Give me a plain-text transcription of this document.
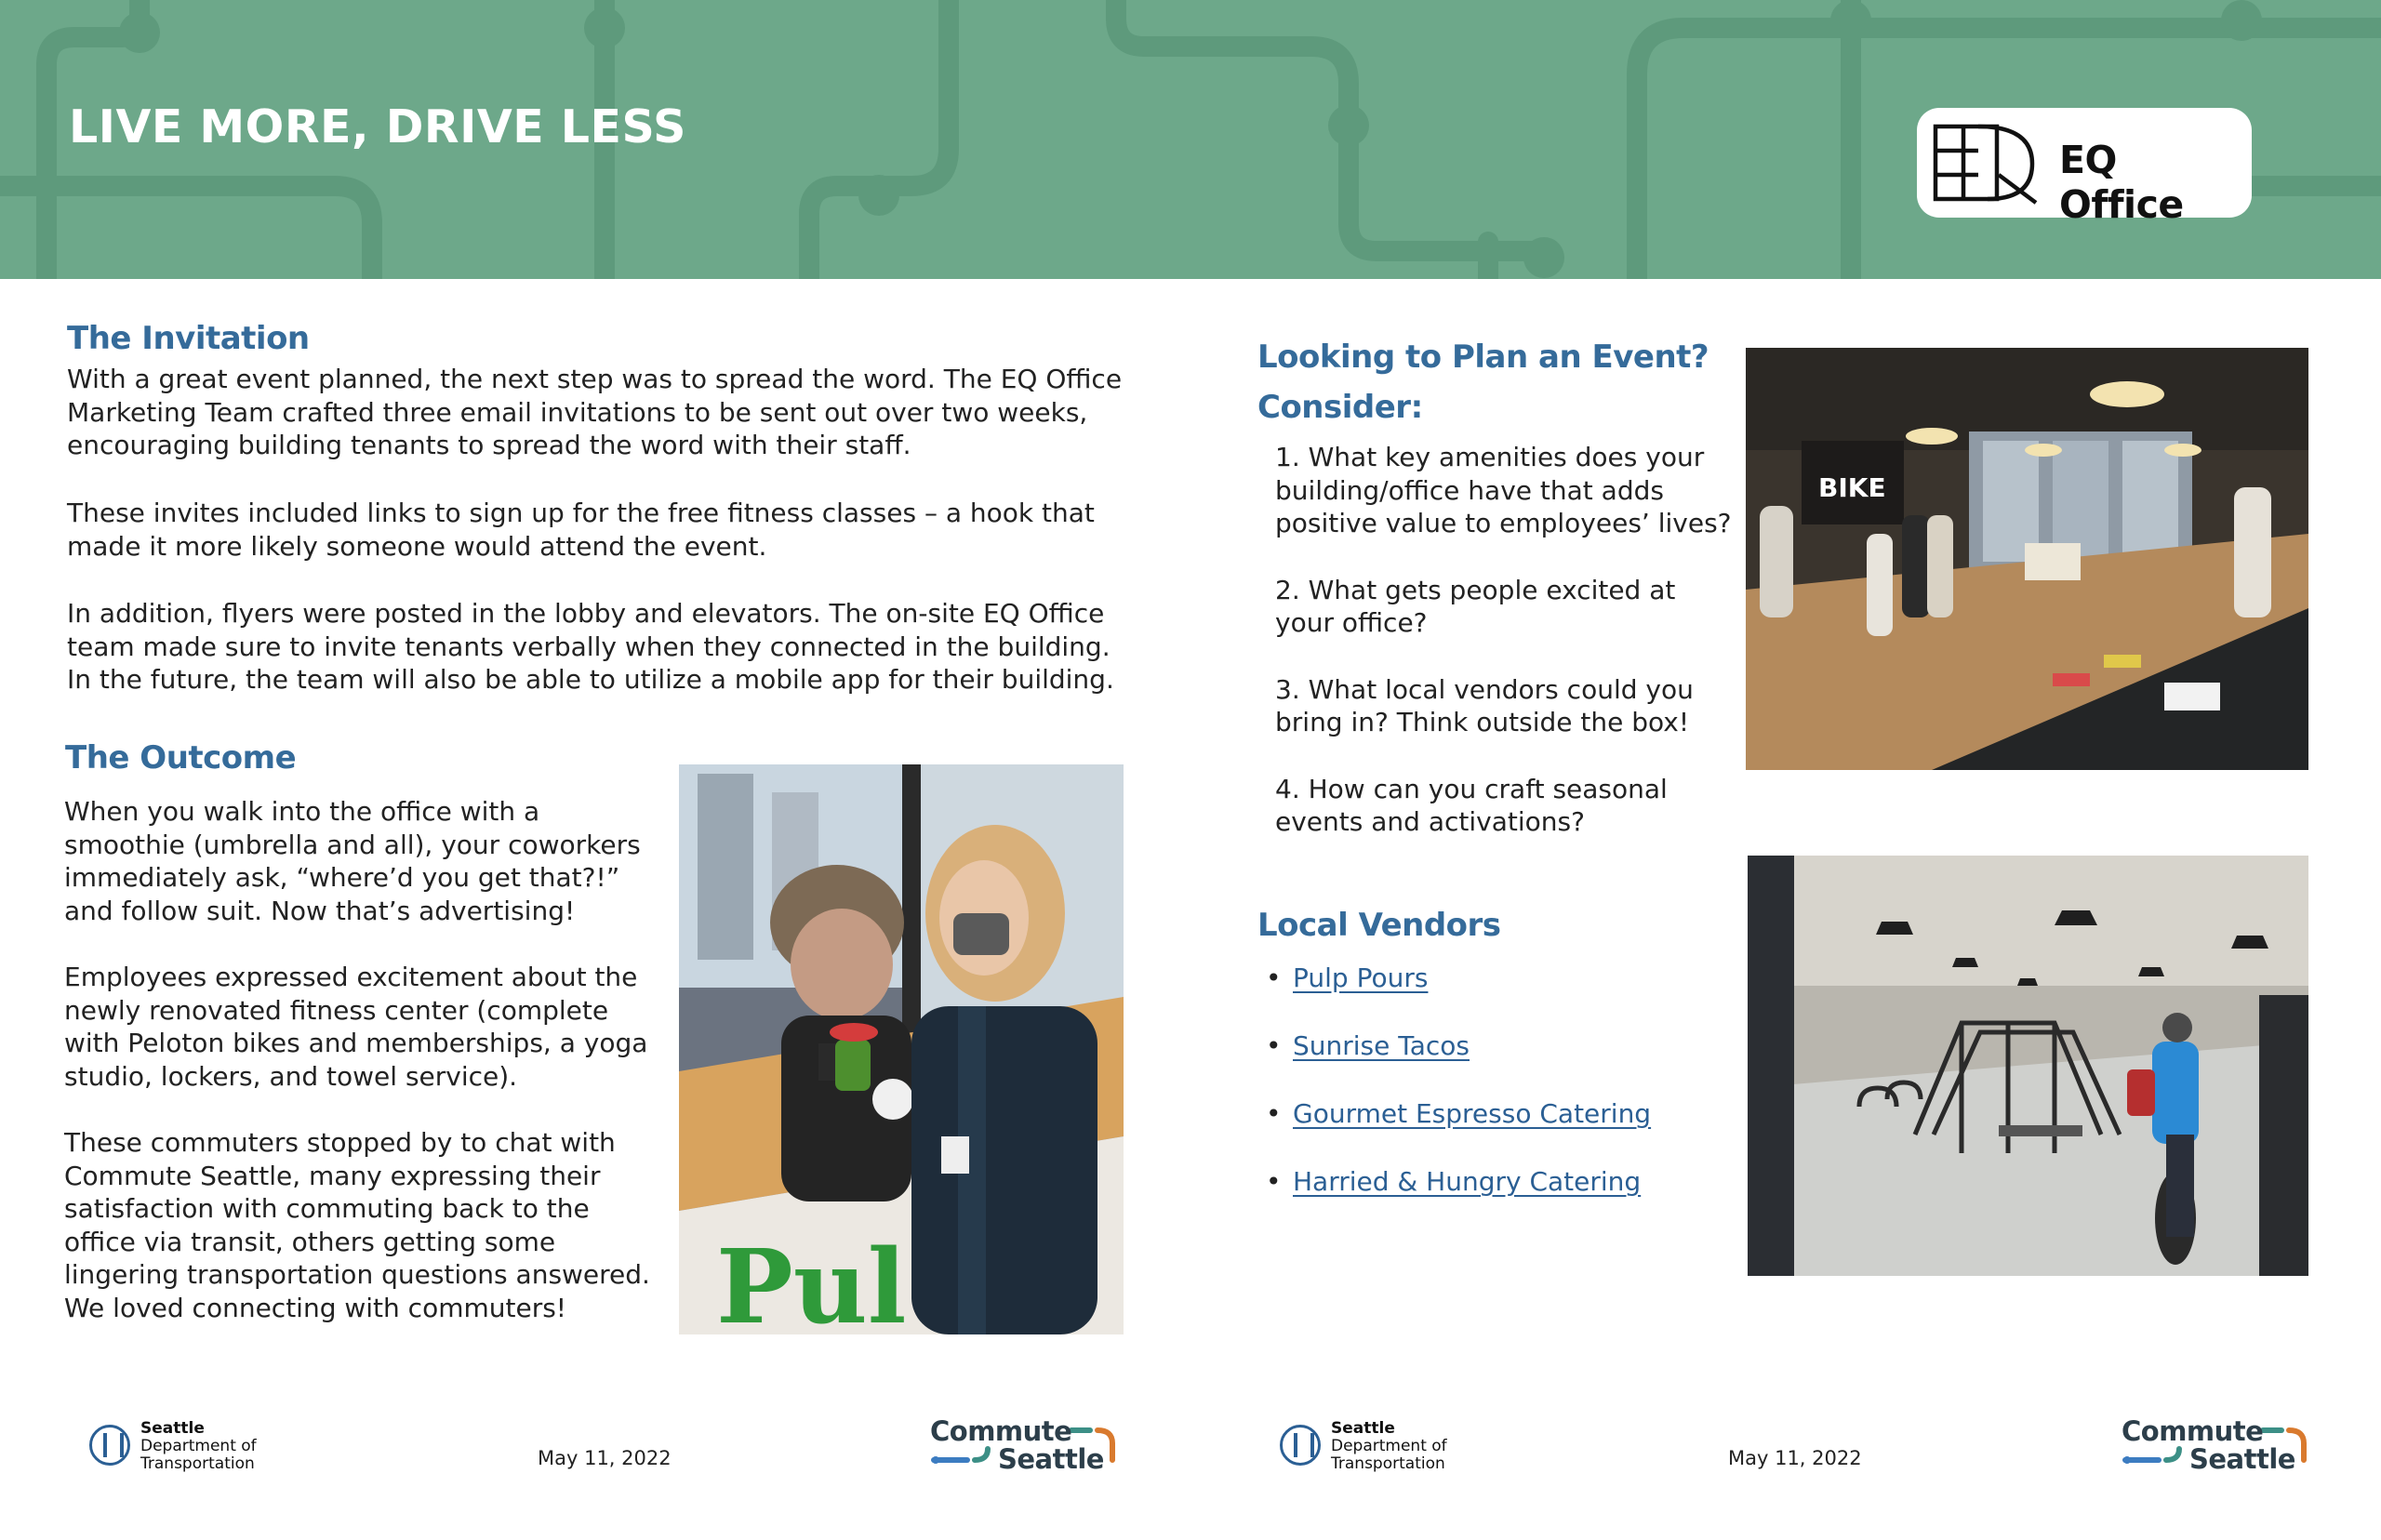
LIVE MORE, DRIVE LESS
EQ Office
The Invitation
With a great event planned, the next step was to spread the word. The EQ Office Marketing Team crafted three email invitations to be sent out over two weeks, encouraging building tenants to spread the word with their staff.
These invites included links to sign up for the free fitness classes – a hook that made it more likely someone would attend the event.
In addition, flyers were posted in the lobby and elevators. The on-site EQ Office team made sure to invite tenants verbally when they connected in the building. In the future, the team will also be able to utilize a mobile app for their building.
The Outcome
When you walk into the office with a smoothie (umbrella and all), your coworkers immediately ask, “where’d you get that?!” and follow suit. Now that’s advertising!
Employees expressed excitement about the newly renovated fitness center (complete with Peloton bikes and memberships, a yoga studio, lockers, and towel service).
These commuters stopped by to chat with Commute Seattle, many expressing their satisfaction with commuting back to the office via transit, others getting some lingering transportation questions answered. We loved connecting with commuters!	Pul
Looking to Plan an Event?
Consider:
1. What key amenities does your building/office have that adds positive value to employees’ lives?
2. What gets people excited at your office?
3. What local vendors could you bring in? Think outside the box!
4. How can you craft seasonal events and activations?
Local Vendors
• Pulp Pours
• Sunrise Tacos
• Gourmet Espresso Catering
• Harried & Hungry Catering
BIKE
Seattle
Department of
Transportation	May 11, 2022
Commute
Seattle
Seattle
Department of
Transportation	May 11, 2022
Commute
Seattle
